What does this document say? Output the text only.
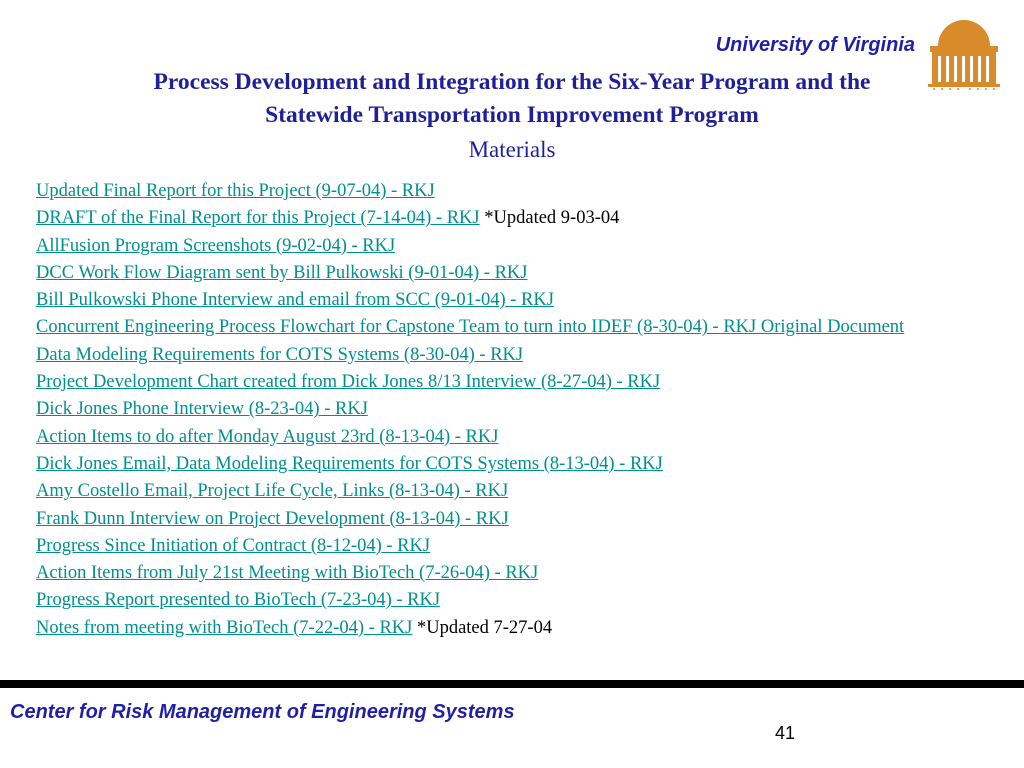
University of Virginia

Process Development and Integration for the Six-Year Program and the
Statewide Transportation Improvement Program

Materials

Updated Final Report for this Project (9-07-04) - RKJ
DRAFT of the Final Report for this Project (7-14-04) - RKJ *Updated 9-03-04
AllFusion Program Screenshots (9-02-04) - RKJ
DCC Work Flow Diagram sent by Bill Pulkowski (9-01-04) - RKJ
Bill Pulkowski Phone Interview and email from SCC (9-01-04) - RKJ
Concurrent Engineering Process Flowchart for Capstone Team to turn into IDEF (8-30-04) - RKJ Original Document
Data Modeling Requirements for COTS Systems (8-30-04) - RKJ
Project Development Chart created from Dick Jones 8/13 Interview (8-27-04) - RKJ
Dick Jones Phone Interview (8-23-04) - RKJ
Action Items to do after Monday August 23rd (8-13-04) - RKJ
Dick Jones Email, Data Modeling Requirements for COTS Systems (8-13-04) - RKJ
Amy Costello Email, Project Life Cycle, Links (8-13-04) - RKJ
Frank Dunn Interview on Project Development (8-13-04) - RKJ
Progress Since Initiation of Contract (8-12-04) - RKJ
Action Items from July 21st Meeting with BioTech (7-26-04) - RKJ
Progress Report presented to BioTech (7-23-04) - RKJ
Notes from meeting with BioTech (7-22-04) - RKJ *Updated 7-27-04

Center for Risk Management of Engineering Systems

41
